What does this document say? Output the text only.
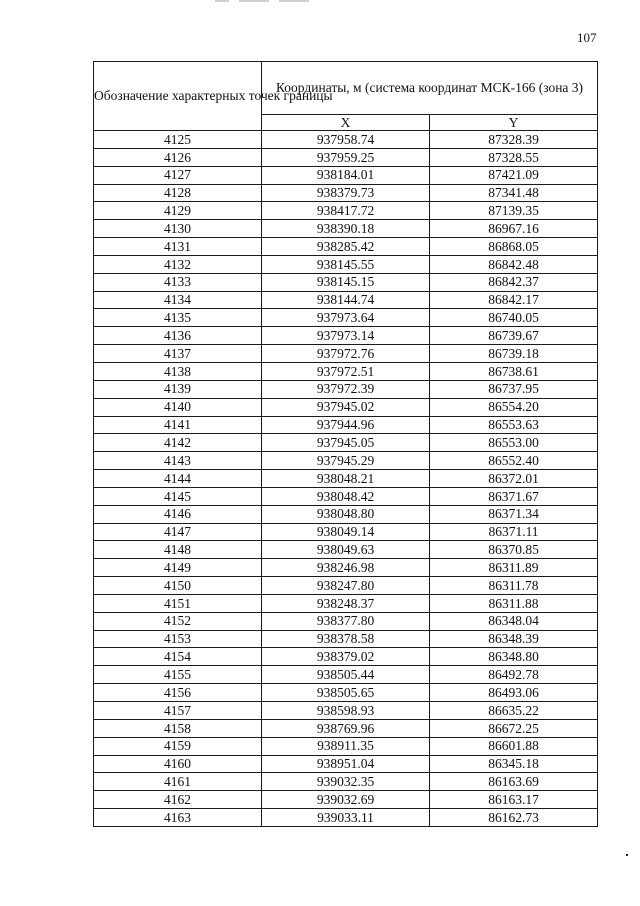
107
Обозначение характерных точек границы	Координаты, м (система координат МСК-166 (зона 3)	
	X	Y
4125	937958.74	87328.39
4126	937959.25	87328.55
4127	938184.01	87421.09
4128	938379.73	87341.48
4129	938417.72	87139.35
4130	938390.18	86967.16
4131	938285.42	86868.05
4132	938145.55	86842.48
4133	938145.15	86842.37
4134	938144.74	86842.17
4135	937973.64	86740.05
4136	937973.14	86739.67
4137	937972.76	86739.18
4138	937972.51	86738.61
4139	937972.39	86737.95
4140	937945.02	86554.20
4141	937944.96	86553.63
4142	937945.05	86553.00
4143	937945.29	86552.40
4144	938048.21	86372.01
4145	938048.42	86371.67
4146	938048.80	86371.34
4147	938049.14	86371.11
4148	938049.63	86370.85
4149	938246.98	86311.89
4150	938247.80	86311.78
4151	938248.37	86311.88
4152	938377.80	86348.04
4153	938378.58	86348.39
4154	938379.02	86348.80
4155	938505.44	86492.78
4156	938505.65	86493.06
4157	938598.93	86635.22
4158	938769.96	86672.25
4159	938911.35	86601.88
4160	938951.04	86345.18
4161	939032.35	86163.69
4162	939032.69	86163.17
4163	939033.11	86162.73
